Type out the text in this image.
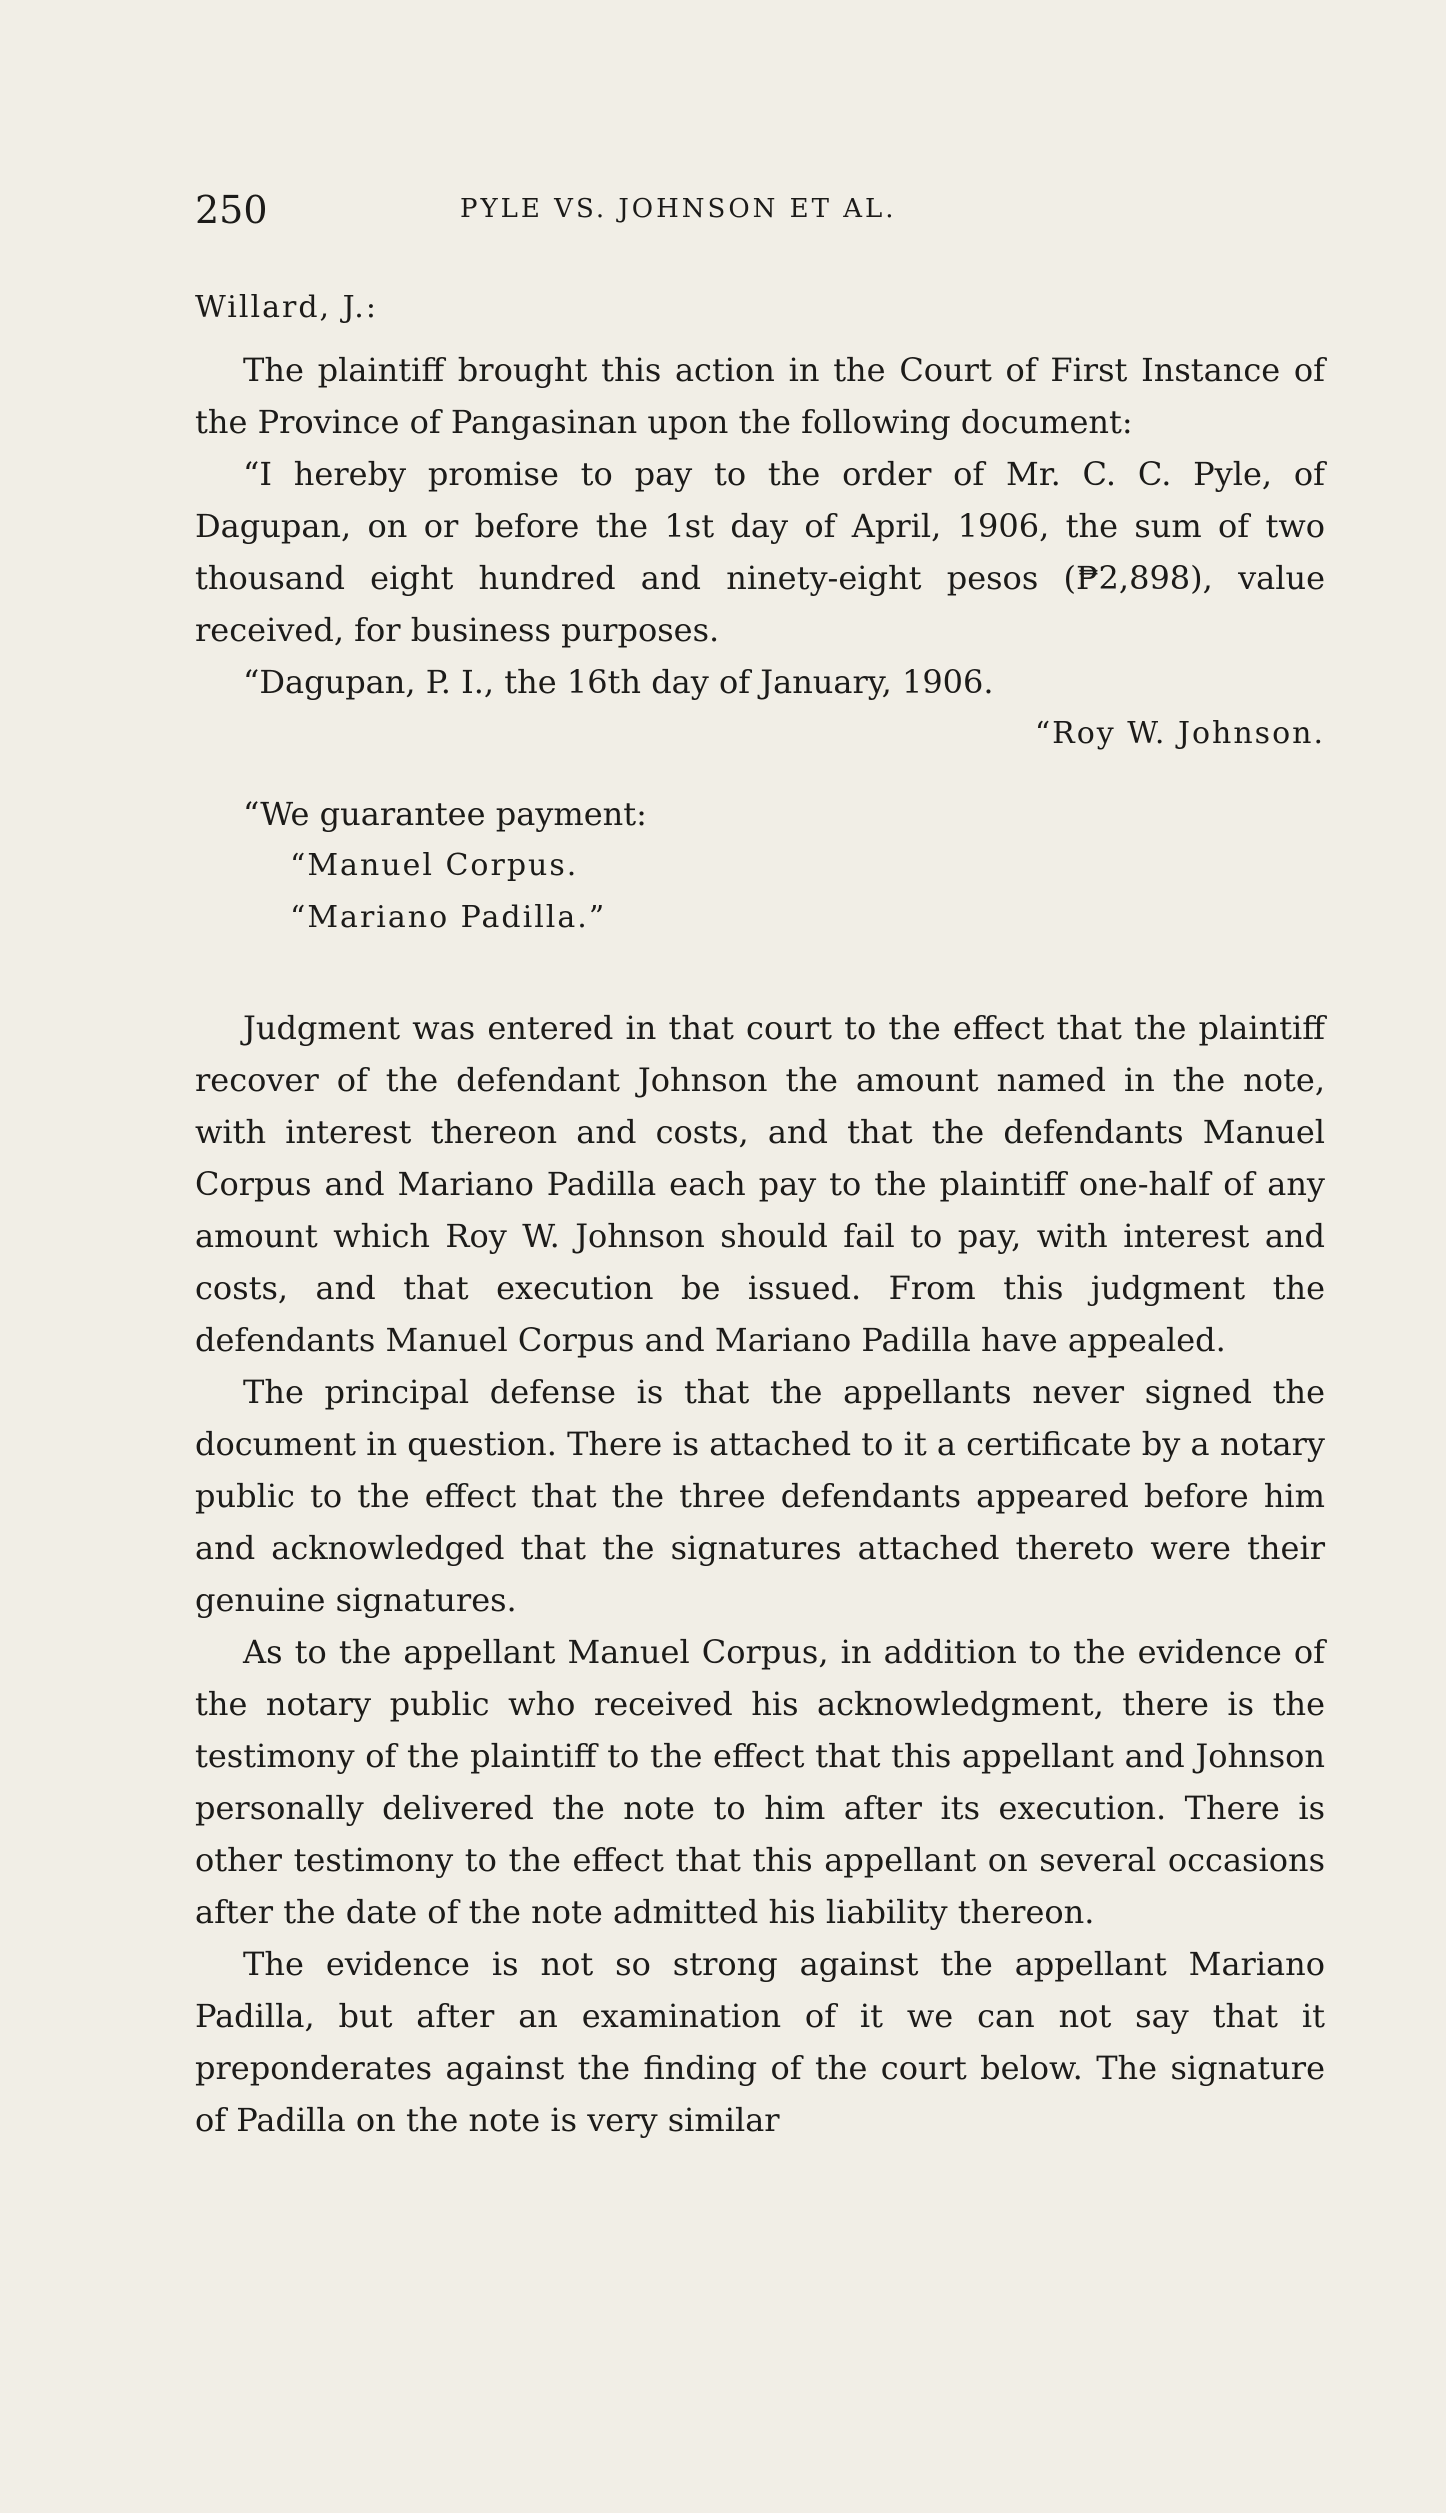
250	PYLE VS. JOHNSON ET AL.

Willard, J.:

The plaintiff brought this action in the Court of First Instance of the Province of Pangasinan upon the following document:

“I hereby promise to pay to the order of Mr. C. C. Pyle, of Dagupan, on or before the 1st day of April, 1906, the sum of two thousand eight hundred and ninety-eight pesos (₱2,898), value received, for business purposes.

“Dagupan, P. I., the 16th day of January, 1906.

“Roy W. Johnson.

“We guarantee payment:

“Manuel Corpus.

“Mariano Padilla.”

Judgment was entered in that court to the effect that the plaintiff recover of the defendant Johnson the amount named in the note, with interest thereon and costs, and that the defendants Manuel Corpus and Mariano Padilla each pay to the plaintiff one-half of any amount which Roy W. Johnson should fail to pay, with interest and costs, and that execution be issued. From this judgment the defendants Manuel Corpus and Mariano Padilla have appealed.

The principal defense is that the appellants never signed the document in question. There is attached to it a certificate by a notary public to the effect that the three defendants appeared before him and acknowledged that the signatures attached thereto were their genuine signatures.

As to the appellant Manuel Corpus, in addition to the evidence of the notary public who received his acknowledgment, there is the testimony of the plaintiff to the effect that this appellant and Johnson personally delivered the note to him after its execution. There is other testimony to the effect that this appellant on several occasions after the date of the note admitted his liability thereon.

The evidence is not so strong against the appellant Mariano Padilla, but after an examination of it we can not say that it preponderates against the finding of the court below. The signature of Padilla on the note is very similar
